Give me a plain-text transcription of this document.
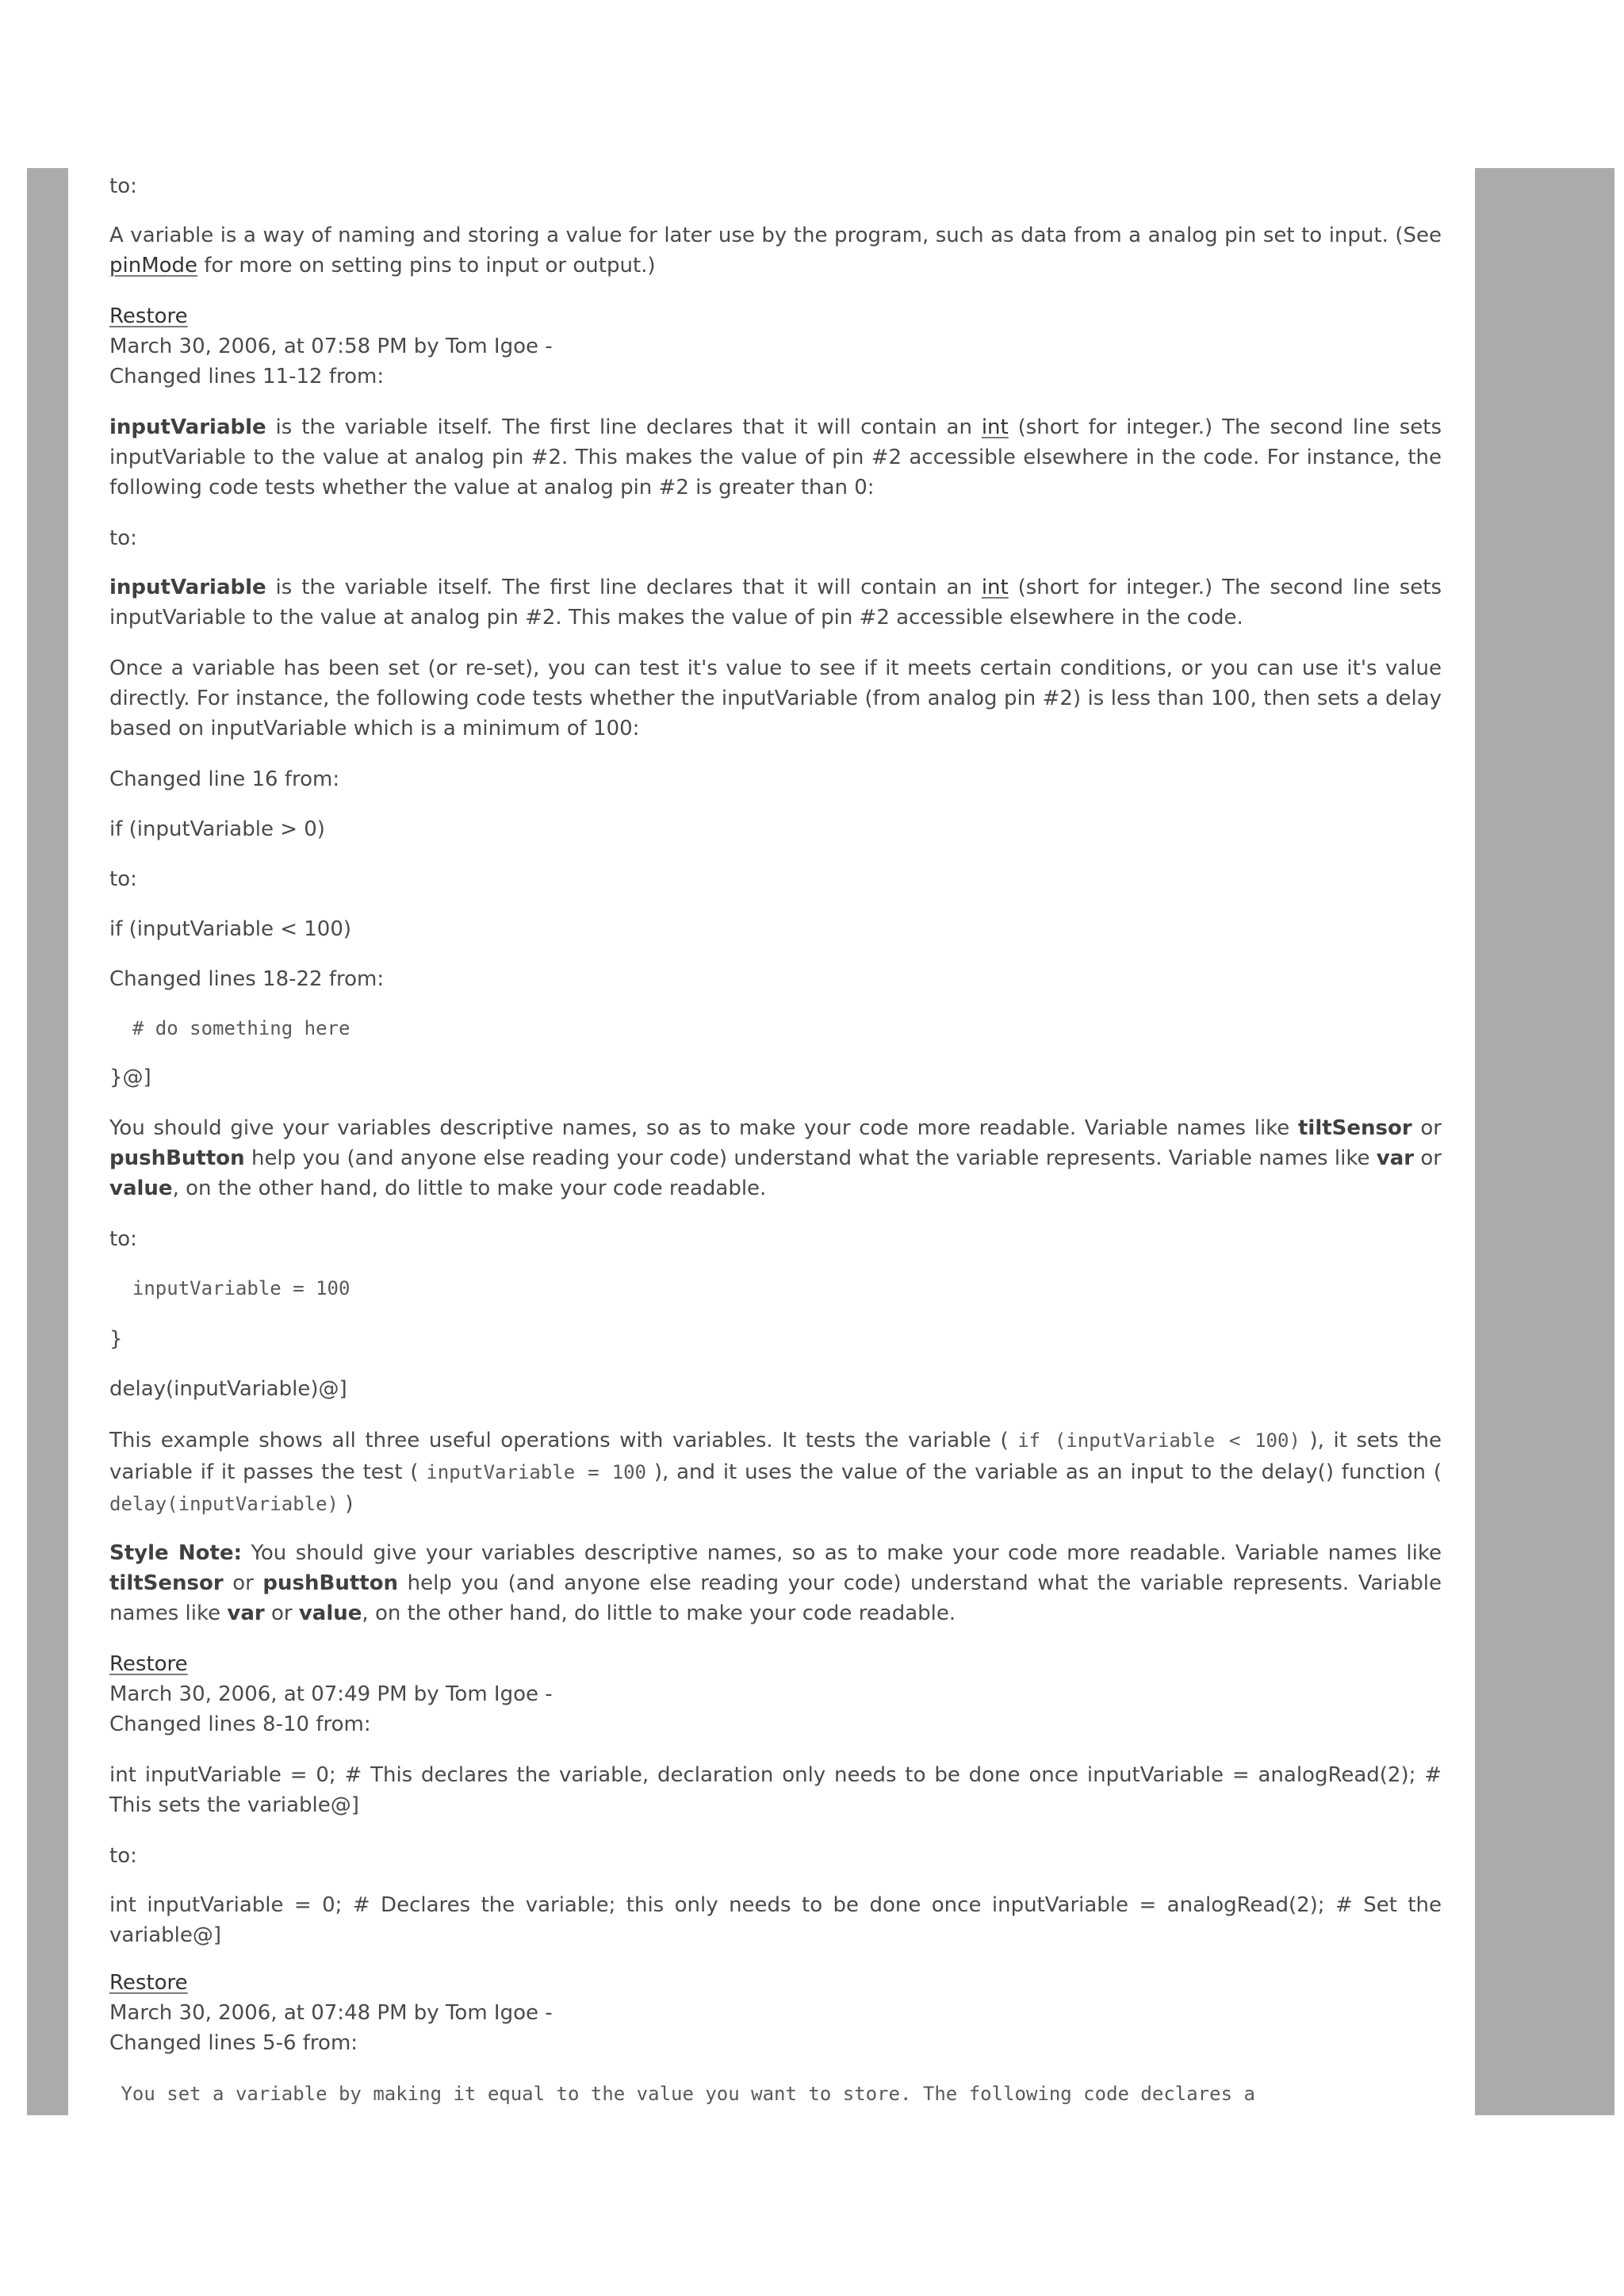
to:

A variable is a way of naming and storing a value for later use by the program, such as data from a analog pin set to input. (See pinMode for more on setting pins to input or output.)

Restore
March 30, 2006, at 07:58 PM by Tom Igoe -
Changed lines 11-12 from:

inputVariable is the variable itself. The first line declares that it will contain an int (short for integer.) The second line sets inputVariable to the value at analog pin #2. This makes the value of pin #2 accessible elsewhere in the code. For instance, the following code tests whether the value at analog pin #2 is greater than 0:

to:

inputVariable is the variable itself. The first line declares that it will contain an int (short for integer.) The second line sets inputVariable to the value at analog pin #2. This makes the value of pin #2 accessible elsewhere in the code.

Once a variable has been set (or re-set), you can test it's value to see if it meets certain conditions, or you can use it's value directly. For instance, the following code tests whether the inputVariable (from analog pin #2) is less than 100, then sets a delay based on inputVariable which is a minimum of 100:

Changed line 16 from:

if (inputVariable > 0)

to:

if (inputVariable < 100)

Changed lines 18-22 from:

# do something here

}@]

You should give your variables descriptive names, so as to make your code more readable. Variable names like tiltSensor or pushButton help you (and anyone else reading your code) understand what the variable represents. Variable names like var or value, on the other hand, do little to make your code readable.

to:

inputVariable = 100

}

delay(inputVariable)@]

This example shows all three useful operations with variables. It tests the variable ( if (inputVariable < 100) ), it sets the variable if it passes the test ( inputVariable = 100 ), and it uses the value of the variable as an input to the delay() function ( delay(inputVariable) )

Style Note: You should give your variables descriptive names, so as to make your code more readable. Variable names like tiltSensor or pushButton help you (and anyone else reading your code) understand what the variable represents. Variable names like var or value, on the other hand, do little to make your code readable.

Restore
March 30, 2006, at 07:49 PM by Tom Igoe -
Changed lines 8-10 from:

int inputVariable = 0; # This declares the variable, declaration only needs to be done once inputVariable = analogRead(2); # This sets the variable@]

to:

int inputVariable = 0; # Declares the variable; this only needs to be done once inputVariable = analogRead(2); # Set the variable@]

Restore
March 30, 2006, at 07:48 PM by Tom Igoe -
Changed lines 5-6 from:

You set a variable by making it equal to the value you want to store. The following code declares a
